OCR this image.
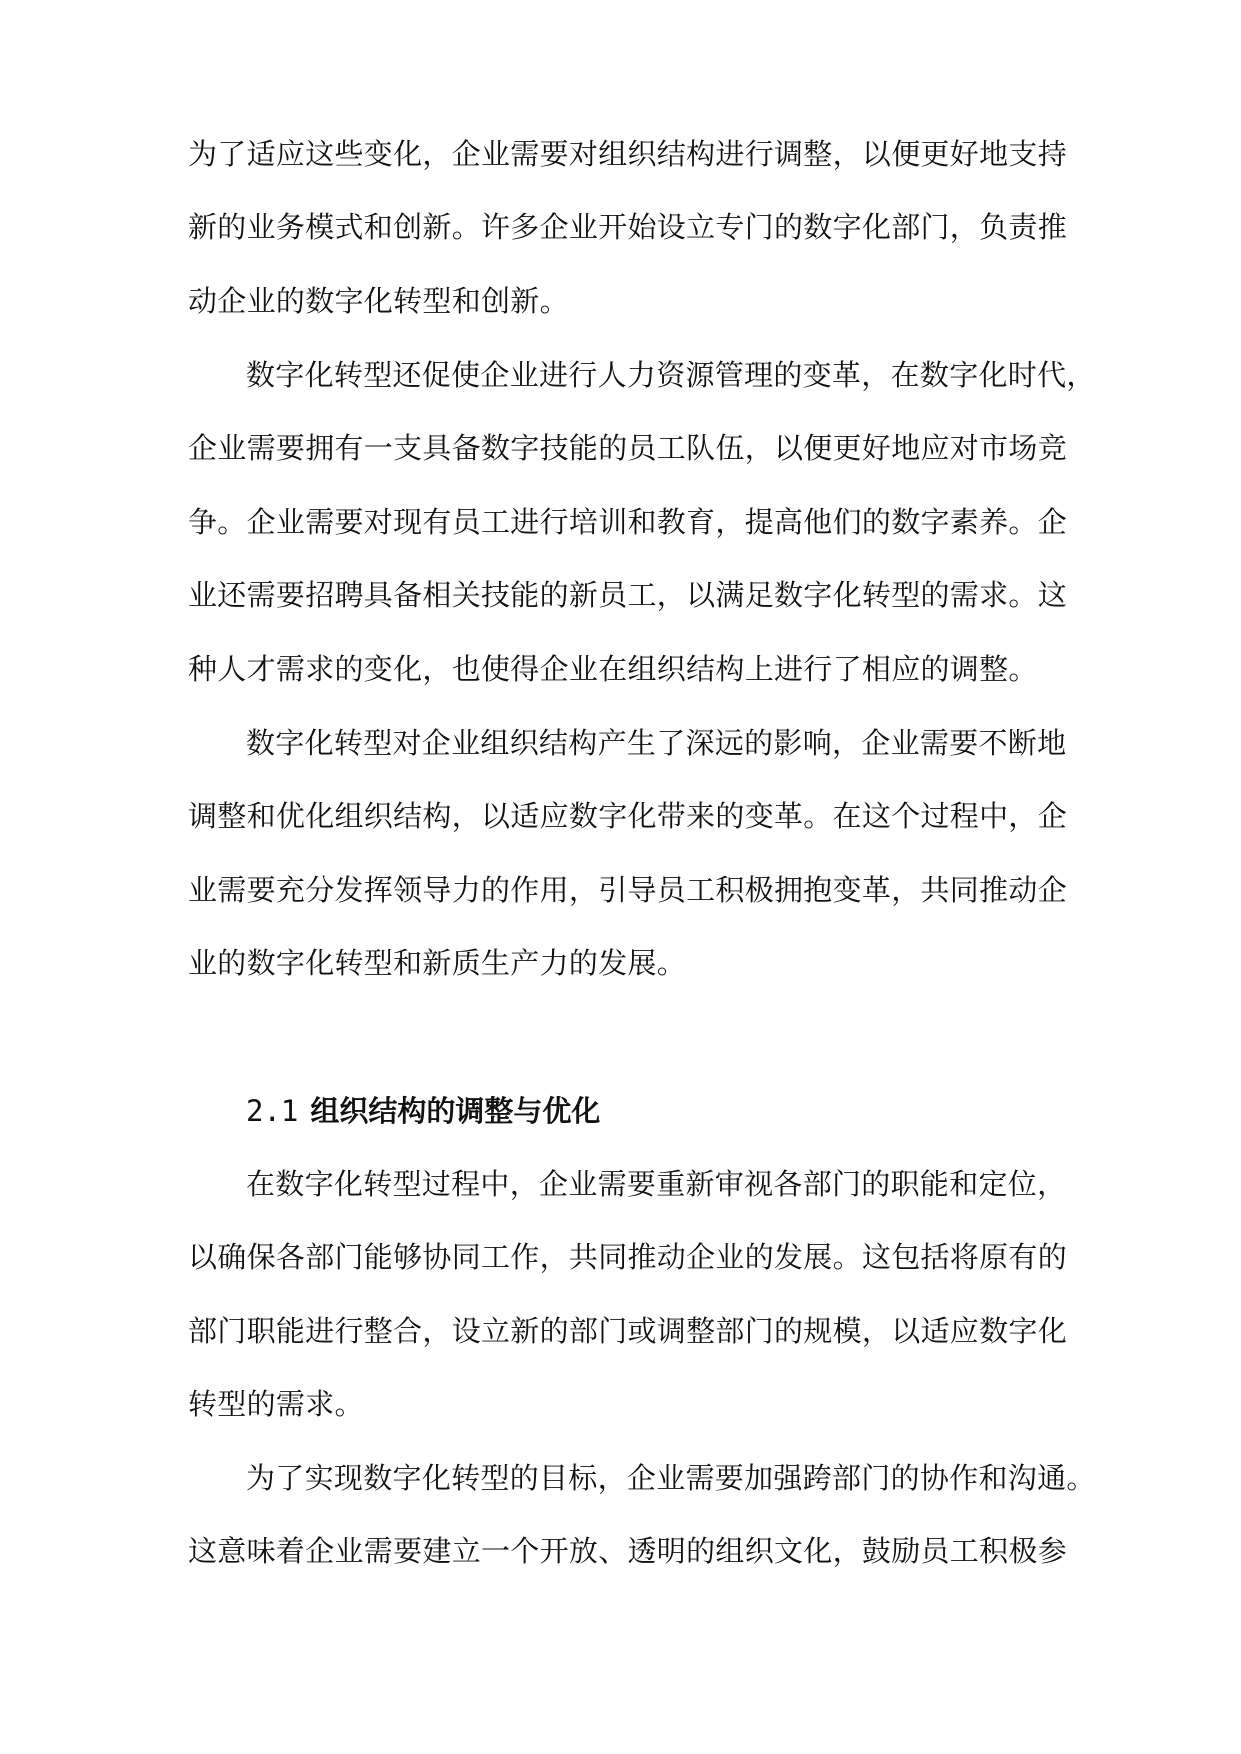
为了适应这些变化，企业需要对组织结构进行调整，以便更好地支持
新的业务模式和创新。许多企业开始设立专门的数字化部门，负责推
动企业的数字化转型和创新。

数字化转型还促使企业进行人力资源管理的变革，在数字化时代，
企业需要拥有一支具备数字技能的员工队伍，以便更好地应对市场竞
争。企业需要对现有员工进行培训和教育，提高他们的数字素养。企
业还需要招聘具备相关技能的新员工，以满足数字化转型的需求。这
种人才需求的变化，也使得企业在组织结构上进行了相应的调整。

数字化转型对企业组织结构产生了深远的影响，企业需要不断地
调整和优化组织结构，以适应数字化带来的变革。在这个过程中，企
业需要充分发挥领导力的作用，引导员工积极拥抱变革，共同推动企
业的数字化转型和新质生产力的发展。

2.1 组织结构的调整与优化

在数字化转型过程中，企业需要重新审视各部门的职能和定位，
以确保各部门能够协同工作，共同推动企业的发展。这包括将原有的
部门职能进行整合，设立新的部门或调整部门的规模，以适应数字化
转型的需求。

为了实现数字化转型的目标，企业需要加强跨部门的协作和沟通。
这意味着企业需要建立一个开放、透明的组织文化，鼓励员工积极参
